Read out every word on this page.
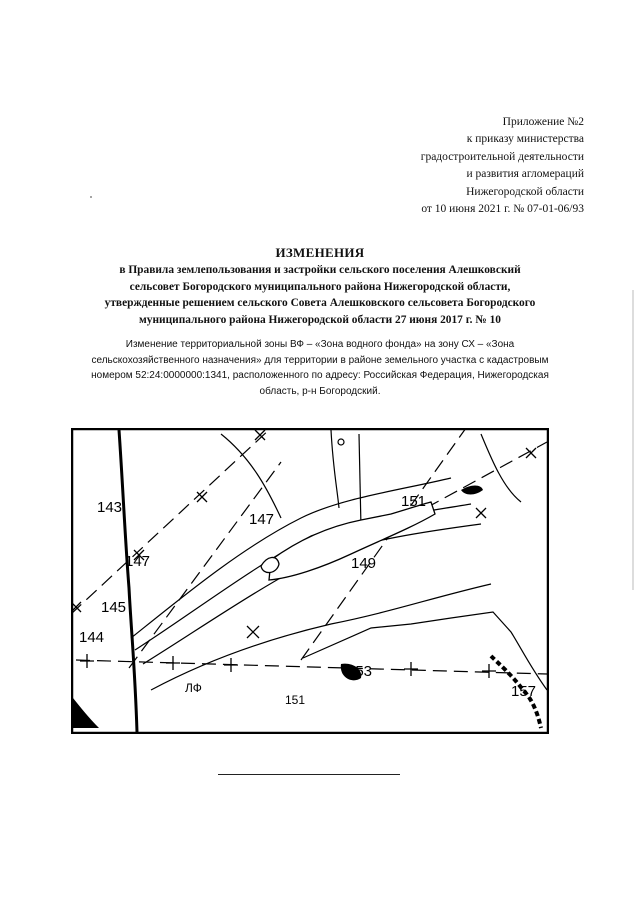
Приложение №2
к приказу министерства
градостроительной деятельности
и развития агломераций
Нижегородской области
от 10 июня 2021 г. № 07-01-06/93
ИЗМЕНЕНИЯ
в Правила землепользования и застройки сельского поселения Алешковский
сельсовет Богородского муниципального района Нижегородской области,
утвержденные решением сельского Совета Алешковского сельсовета Богородского
муниципального района Нижегородской области 27 июня 2017 г. № 10
Изменение территориальной зоны ВФ – «Зона водного фонда» на зону СХ – «Зона
сельскохозяйственного назначения» для территории в районе земельного участка с кадастровым
номером 52:24:0000000:1341, расположенного по адресу: Российская Федерация, Нижегородская
область, р-н Богородский.
143
147
147
145
144
149
151
153
157
151
ЛФ
